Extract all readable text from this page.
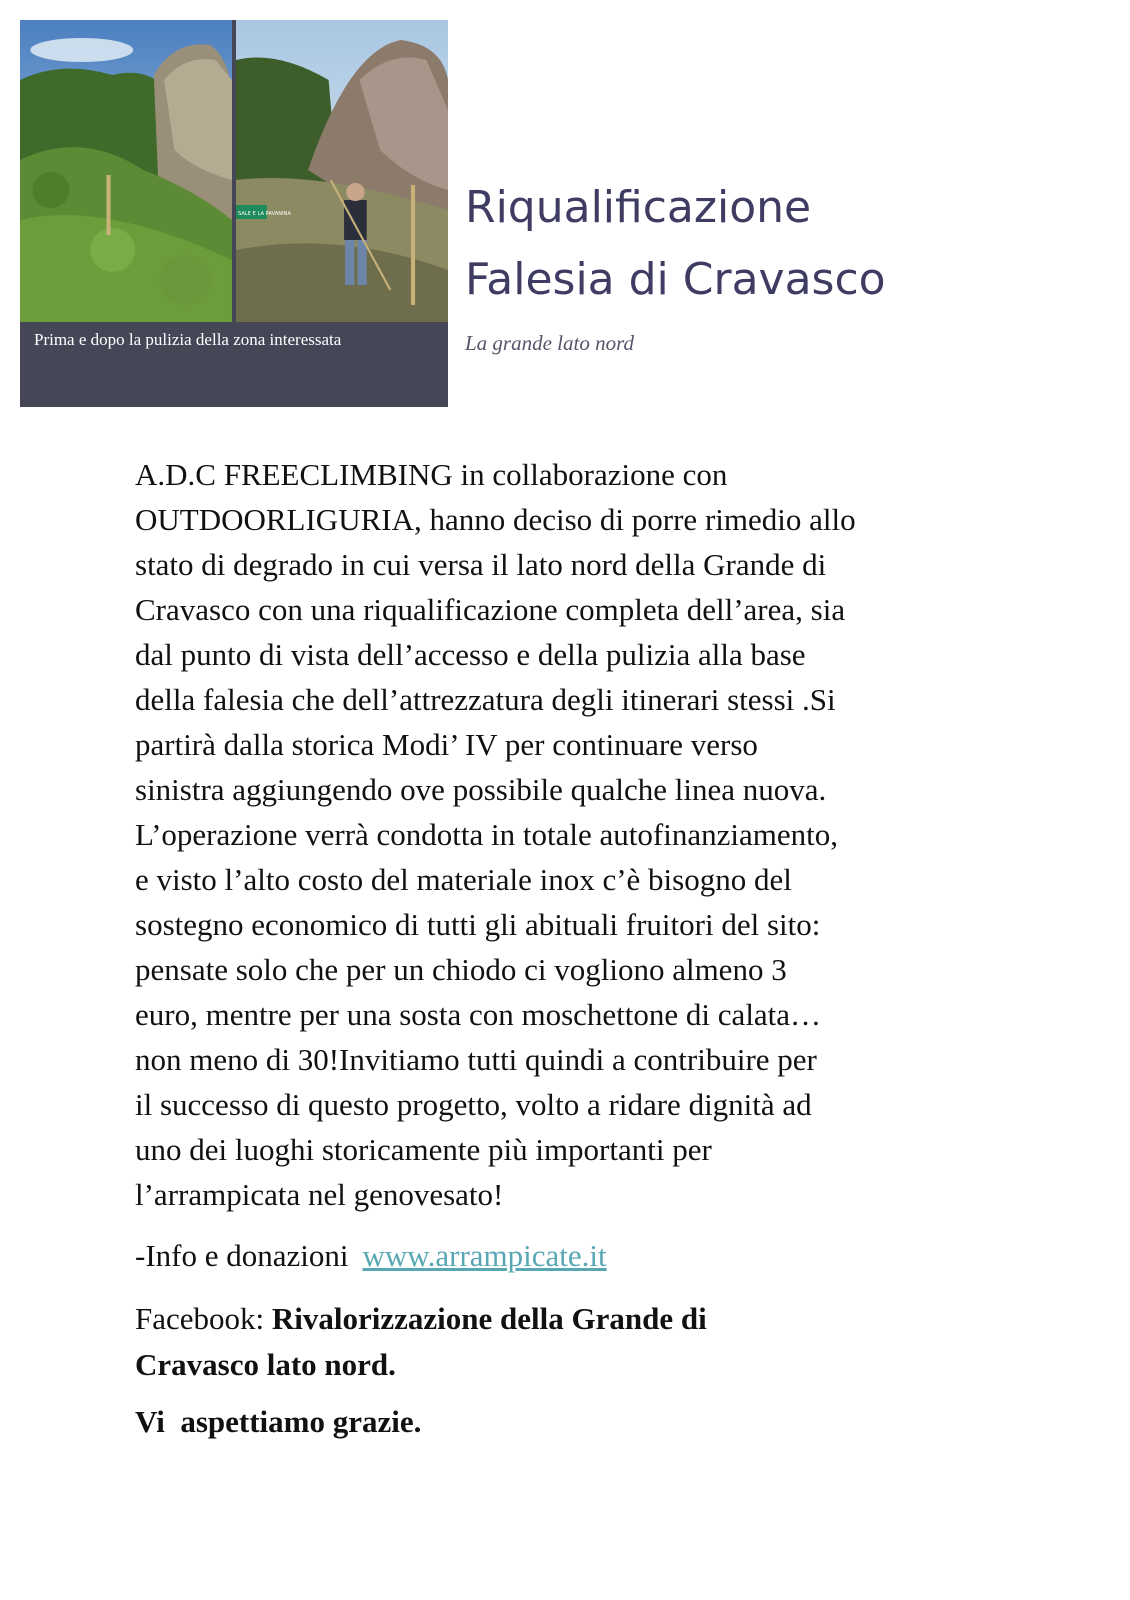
SALE E LA PAVANINA
Prima e dopo la pulizia della zona interessata
Riqualificazione
Falesia di Cravasco
La grande lato nord

A.D.C FREECLIMBING in collaborazione con
OUTDOORLIGURIA, hanno deciso di porre rimedio allo
stato di degrado in cui versa il lato nord della Grande di
Cravasco con una riqualificazione completa dell’area, sia
dal punto di vista dell’accesso e della pulizia alla base
della falesia che dell’attrezzatura degli itinerari stessi .Si
partirà dalla storica Modi’ IV per continuare verso
sinistra aggiungendo ove possibile qualche linea nuova.
L’operazione verrà condotta in totale autofinanziamento,
e visto l’alto costo del materiale inox c’è bisogno del
sostegno economico di tutti gli abituali fruitori del sito:
pensate solo che per un chiodo ci vogliono almeno 3
euro, mentre per una sosta con moschettone di calata…
non meno di 30!Invitiamo tutti quindi a contribuire per
il successo di questo progetto, volto a ridare dignità ad
uno dei luoghi storicamente più importanti per
l’arrampicata nel genovesato!

-Info e donazioni www.arrampicate.it

Facebook: Rivalorizzazione della Grande di
Cravasco lato nord.

Vi  aspettiamo grazie.
